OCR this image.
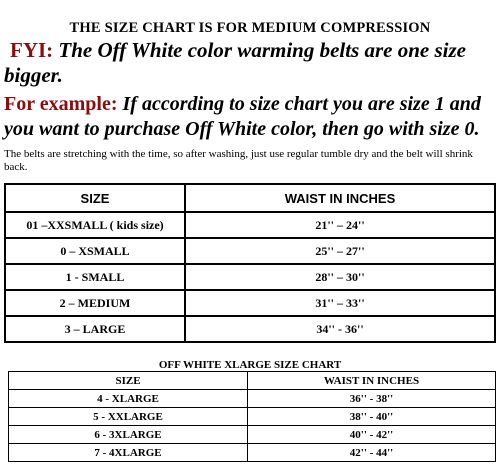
THE SIZE CHART IS FOR MEDIUM COMPRESSION
FYI: The Off White color warming belts are one size bigger.
For example: If according to size chart you are size 1 and you want to purchase Off White color, then go with size 0.
The belts are stretching with the time, so after washing, just use regular tumble dry and the belt will shrink back.
SIZE	WAIST IN INCHES
01 –XXSMALL ( kids size)	21'' – 24''
0 – XSMALL	25'' – 27''
1 - SMALL	28'' – 30''
2 – MEDIUM	31'' – 33''
3 – LARGE	34'' - 36''
OFF WHITE XLARGE SIZE CHART
SIZE	WAIST IN INCHES
4 - XLARGE	36'' - 38''
5 - XXLARGE	38'' - 40''
6 - 3XLARGE	40'' - 42''
7 - 4XLARGE	42'' - 44''
